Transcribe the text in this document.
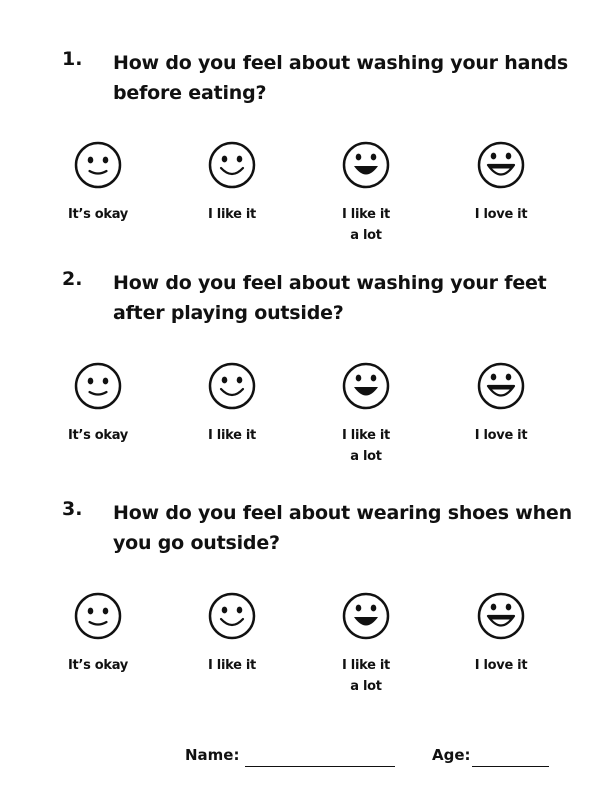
1. How do you feel about washing your hands before eating?
It’s okay	I like it	I like it a lot
I love it
2. How do you feel about washing your feet after playing outside?
It’s okay	I like it	I like it a lot
I love it
3. How do you feel about wearing shoes when you go outside?
It’s okay	I like it	I like it a lot
I love it
Name:	Age:
